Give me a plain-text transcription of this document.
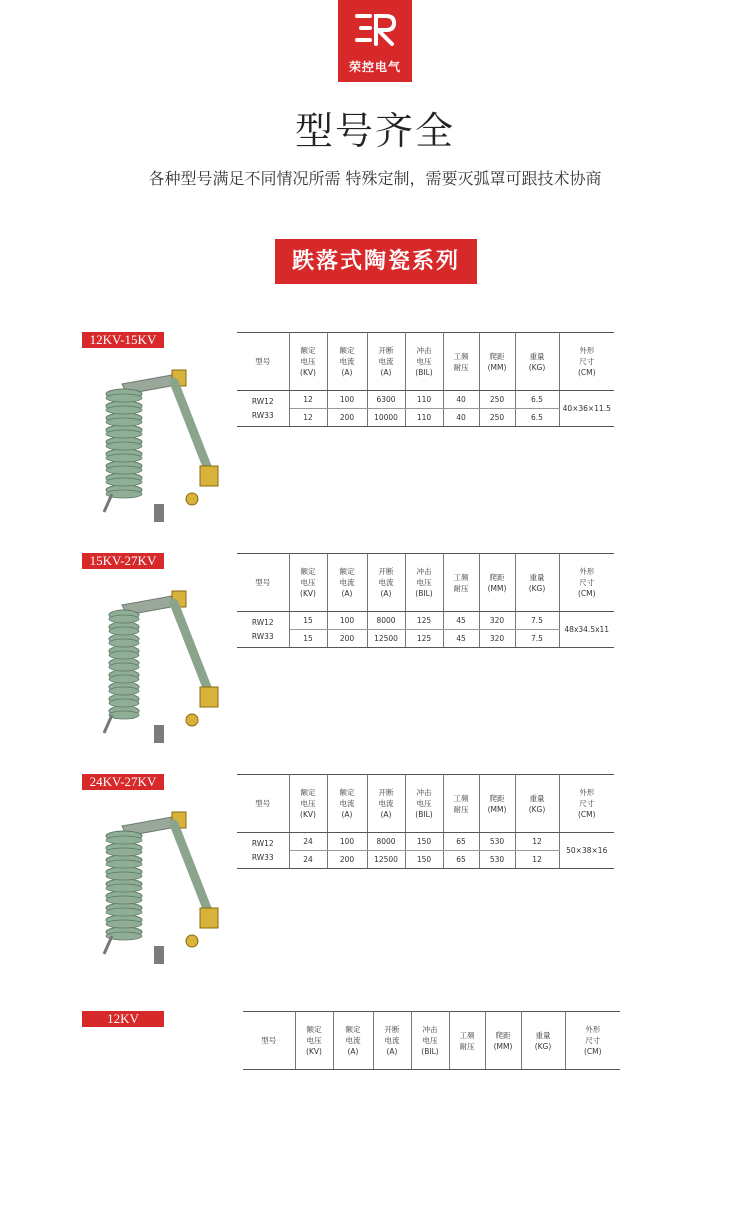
荣控电气
型号齐全
各种型号满足不同情况所需 特殊定制，需要灭弧罩可跟技术协商
跌落式陶瓷系列
12KV-15KV
型号	额定
电压
(KV)	额定
电流
(A)	开断
电流
(A)	冲击
电压
(BIL)	工频
耐压	爬距
(MM)	重量
(KG)	外形
尺寸
(CM)
RW12
RW33	12	100	6300	110	40	250	6.5	40×36×11.5
	12	200	10000	110	40	250	6.5	
15KV-27KV
型号	额定
电压
(KV)	额定
电流
(A)	开断
电流
(A)	冲击
电压
(BIL)	工频
耐压	爬距
(MM)	重量
(KG)	外形
尺寸
(CM)
RW12
RW33	15	100	8000	125	45	320	7.5	48x34.5x11
	15	200	12500	125	45	320	7.5	
24KV-27KV
型号	额定
电压
(KV)	额定
电流
(A)	开断
电流
(A)	冲击
电压
(BIL)	工频
耐压	爬距
(MM)	重量
(KG)	外形
尺寸
(CM)
RW12
RW33	24	100	8000	150	65	530	12	50×38×16
	24	200	12500	150	65	530	12	
12KV
型号	额定
电压
(KV)	额定
电流
(A)	开断
电流
(A)	冲击
电压
(BIL)	工频
耐压	爬距
(MM)	重量
(KG)	外形
尺寸
(CM)
